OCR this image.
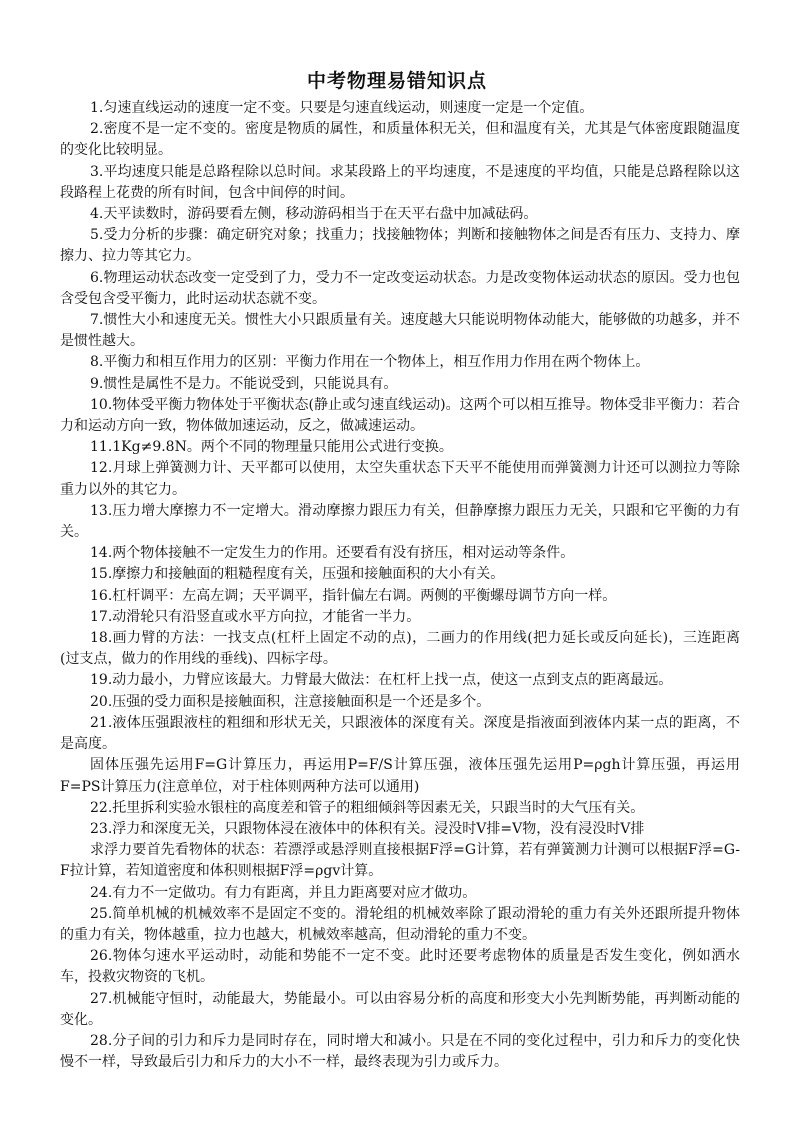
中考物理易错知识点

1.匀速直线运动的速度一定不变。只要是匀速直线运动，则速度一定是一个定值。

2.密度不是一定不变的。密度是物质的属性，和质量体积无关，但和温度有关，尤其是气体密度跟随温度的变化比较明显。

3.平均速度只能是总路程除以总时间。求某段路上的平均速度，不是速度的平均值，只能是总路程除以这段路程上花费的所有时间，包含中间停的时间。

4.天平读数时，游码要看左侧，移动游码相当于在天平右盘中加减砝码。

5.受力分析的步骤：确定研究对象；找重力；找接触物体；判断和接触物体之间是否有压力、支持力、摩擦力、拉力等其它力。

6.物理运动状态改变一定受到了力，受力不一定改变运动状态。力是改变物体运动状态的原因。受力也包含受包含受平衡力，此时运动状态就不变。

7.惯性大小和速度无关。惯性大小只跟质量有关。速度越大只能说明物体动能大，能够做的功越多，并不是惯性越大。

8.平衡力和相互作用力的区别：平衡力作用在一个物体上，相互作用力作用在两个物体上。

9.惯性是属性不是力。不能说受到，只能说具有。

10.物体受平衡力物体处于平衡状态(静止或匀速直线运动)。这两个可以相互推导。物体受非平衡力：若合力和运动方向一致，物体做加速运动，反之，做减速运动。

11.1Kg≠9.8N。两个不同的物理量只能用公式进行变换。

12.月球上弹簧测力计、天平都可以使用，太空失重状态下天平不能使用而弹簧测力计还可以测拉力等除重力以外的其它力。

13.压力增大摩擦力不一定增大。滑动摩擦力跟压力有关，但静摩擦力跟压力无关，只跟和它平衡的力有关。

14.两个物体接触不一定发生力的作用。还要看有没有挤压，相对运动等条件。

15.摩擦力和接触面的粗糙程度有关，压强和接触面积的大小有关。

16.杠杆调平：左高左调；天平调平，指针偏左右调。两侧的平衡螺母调节方向一样。

17.动滑轮只有沿竖直或水平方向拉，才能省一半力。

18.画力臂的方法：一找支点(杠杆上固定不动的点)，二画力的作用线(把力延长或反向延长)，三连距离(过支点，做力的作用线的垂线)、四标字母。

19.动力最小，力臂应该最大。力臂最大做法：在杠杆上找一点，使这一点到支点的距离最远。

20.压强的受力面积是接触面积，注意接触面积是一个还是多个。

21.液体压强跟液柱的粗细和形状无关，只跟液体的深度有关。深度是指液面到液体内某一点的距离，不是高度。

固体压强先运用F=G计算压力，再运用P=F/S计算压强，液体压强先运用P=ρgh计算压强，再运用F=PS计算压力(注意单位，对于柱体则两种方法可以通用)

22.托里拆利实验水银柱的高度差和管子的粗细倾斜等因素无关，只跟当时的大气压有关。

23.浮力和深度无关，只跟物体浸在液体中的体积有关。浸没时V排=V物，没有浸没时V排

求浮力要首先看物体的状态：若漂浮或悬浮则直接根据F浮=G计算，若有弹簧测力计测可以根据F浮=G-F拉计算，若知道密度和体积则根据F浮=ρgv计算。

24.有力不一定做功。有力有距离，并且力距离要对应才做功。

25.简单机械的机械效率不是固定不变的。滑轮组的机械效率除了跟动滑轮的重力有关外还跟所提升物体的重力有关，物体越重，拉力也越大，机械效率越高，但动滑轮的重力不变。

26.物体匀速水平运动时，动能和势能不一定不变。此时还要考虑物体的质量是否发生变化，例如洒水车，投救灾物资的飞机。

27.机械能守恒时，动能最大，势能最小。可以由容易分析的高度和形变大小先判断势能，再判断动能的变化。

28.分子间的引力和斥力是同时存在，同时增大和减小。只是在不同的变化过程中，引力和斥力的变化快慢不一样，导致最后引力和斥力的大小不一样，最终表现为引力或斥力。
